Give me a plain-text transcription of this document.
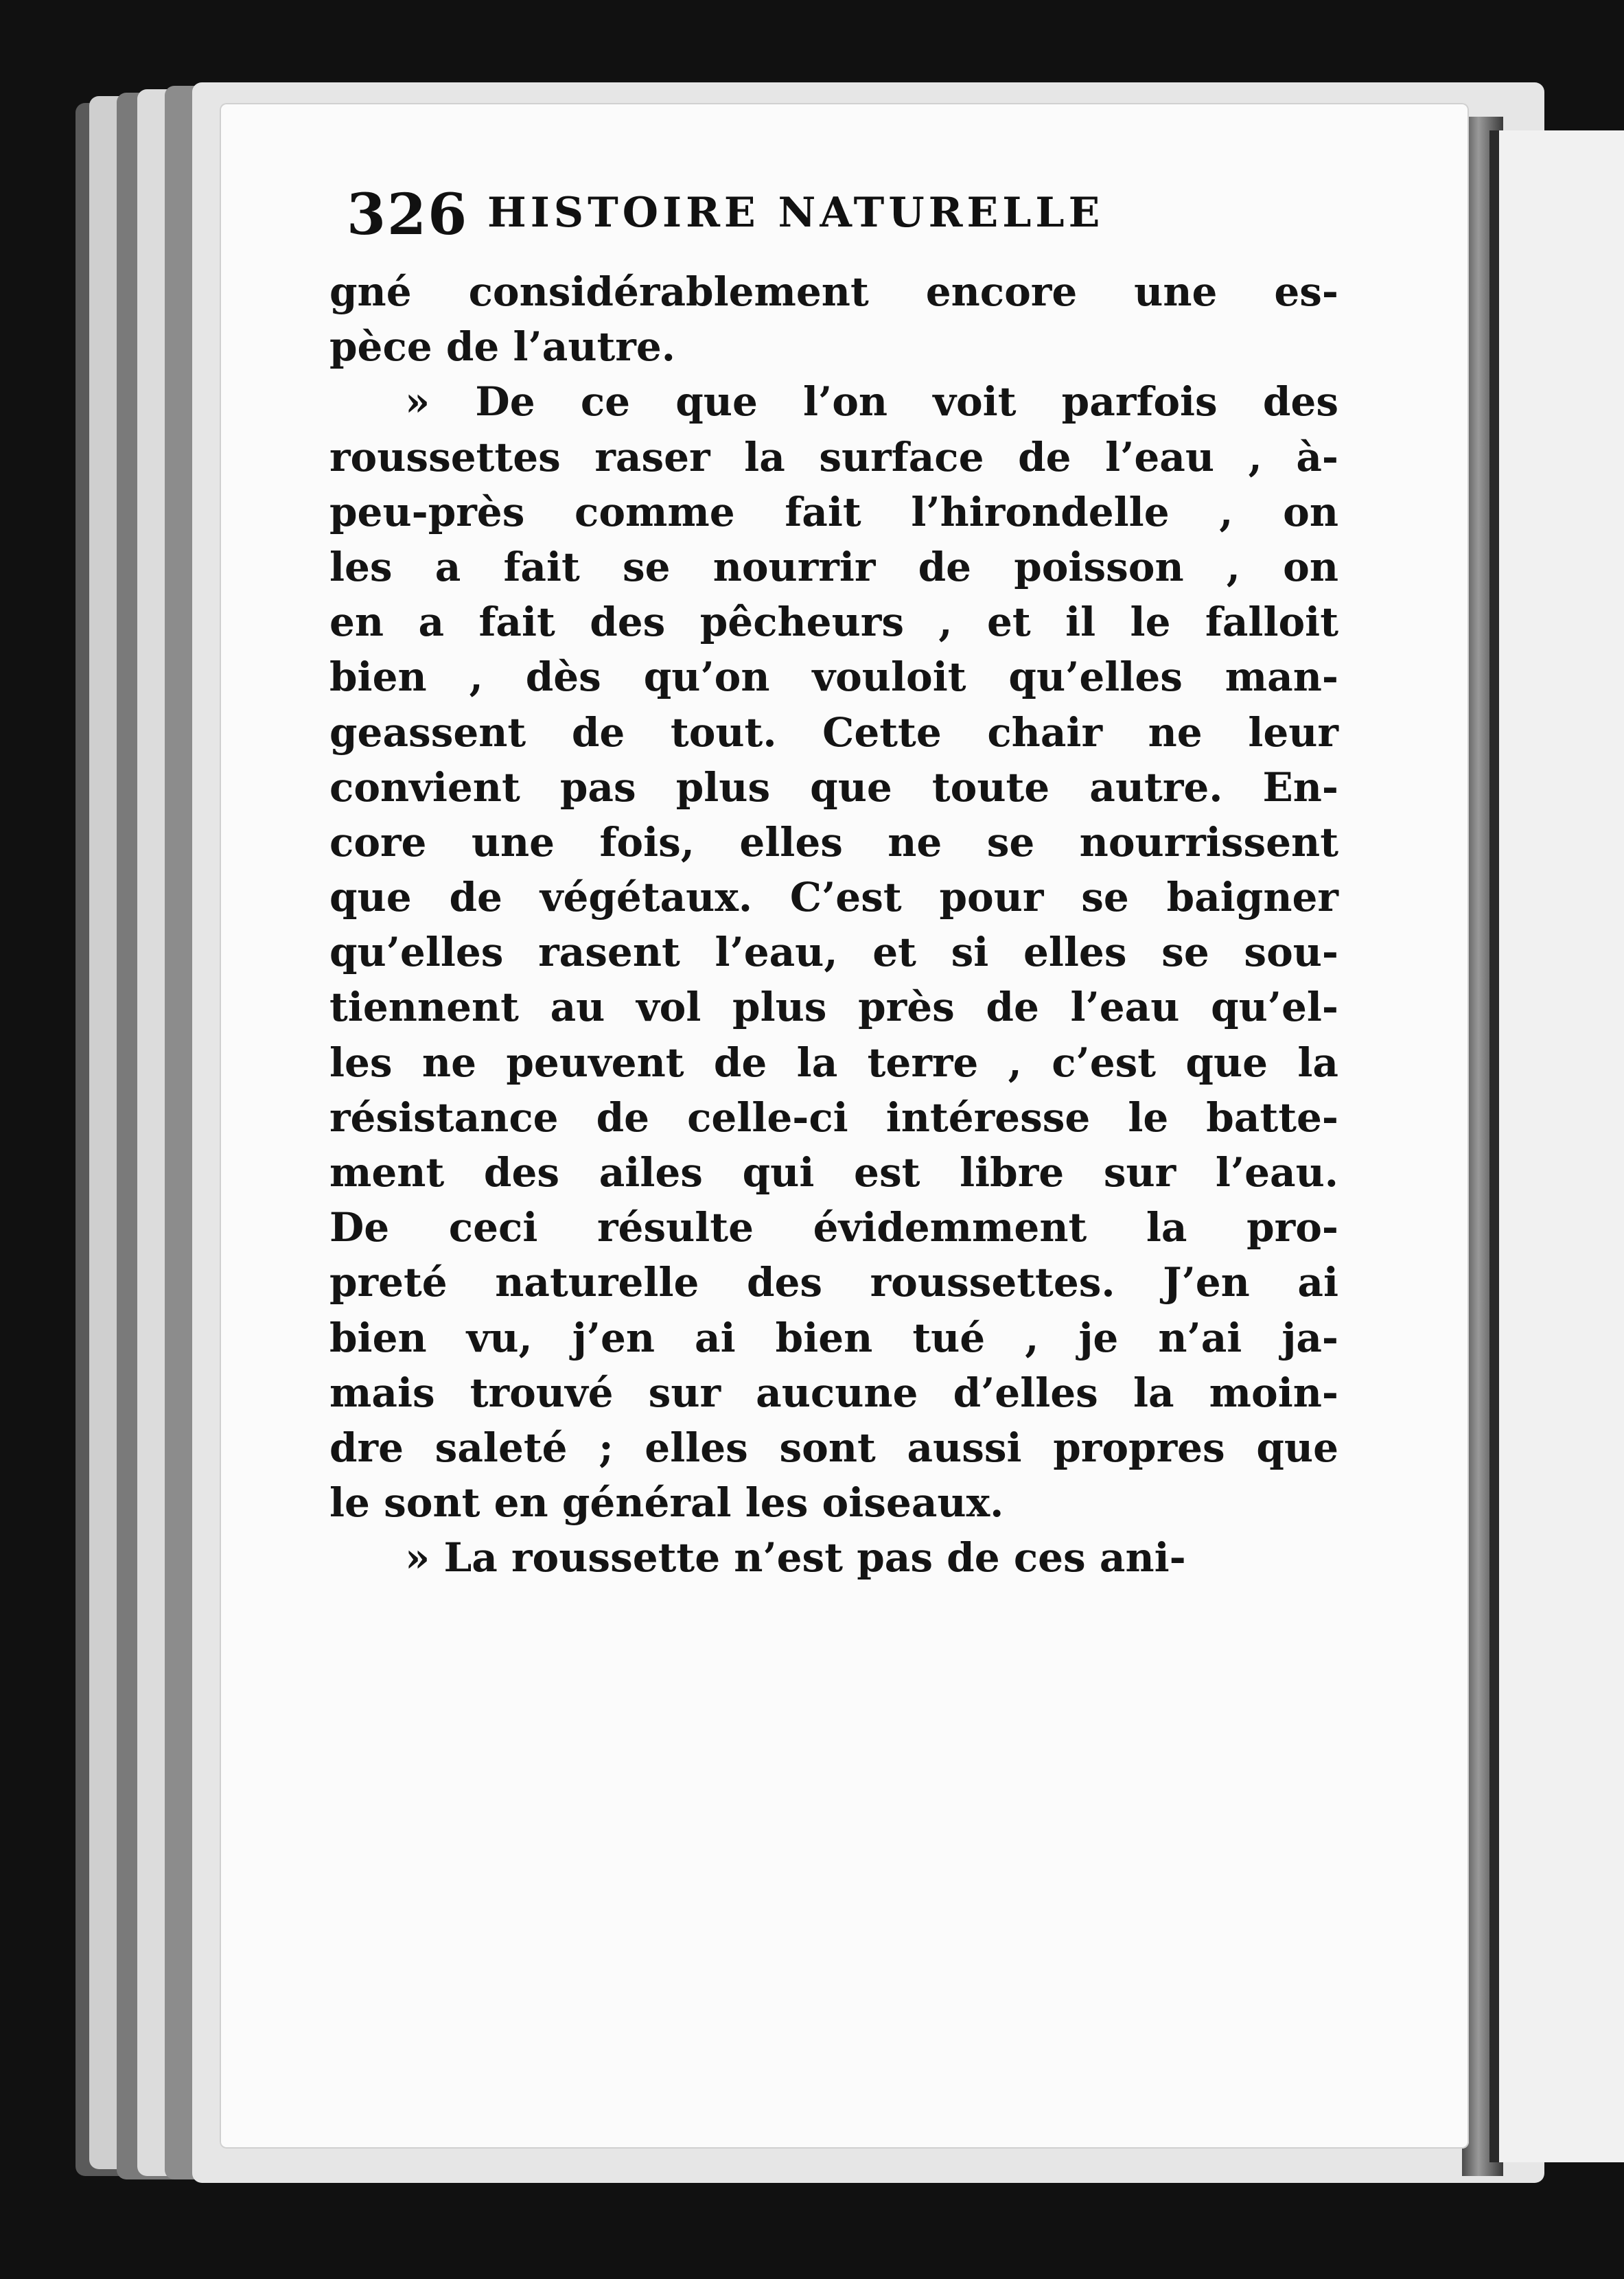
326 HISTOIRE NATURELLE
gné considérablement encore une es-
pèce de l’autre.
» De ce que l’on voit parfois des
roussettes raser la surface de l’eau , à-
peu-près comme fait l’hirondelle , on
les a fait se nourrir de poisson , on
en a fait des pêcheurs , et il le falloit
bien , dès qu’on vouloit qu’elles man-
geassent de tout. Cette chair ne leur
convient pas plus que toute autre. En-
core une fois, elles ne se nourrissent
que de végétaux. C’est pour se baigner
qu’elles rasent l’eau, et si elles se sou-
tiennent au vol plus près de l’eau qu’el-
les ne peuvent de la terre , c’est que la
résistance de celle-ci intéresse le batte-
ment des ailes qui est libre sur l’eau.
De ceci résulte évidemment la pro-
preté naturelle des roussettes. J’en ai
bien vu, j’en ai bien tué , je n’ai ja-
mais trouvé sur aucune d’elles la moin-
dre saleté ; elles sont aussi propres que
le sont en général les oiseaux.
» La roussette n’est pas de ces ani-
